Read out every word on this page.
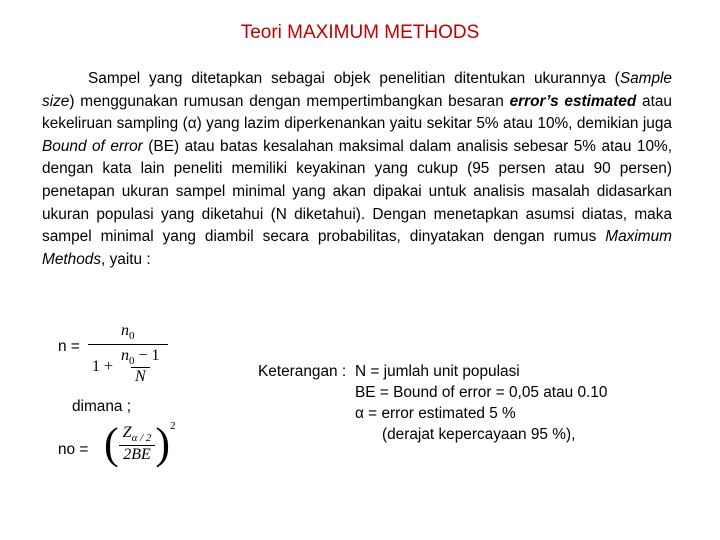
Teori MAXIMUM METHODS
Sampel yang ditetapkan sebagai objek penelitian ditentukan ukurannya (Sample size) menggunakan rumusan dengan mempertimbangkan besaran error’s estimated atau kekeliruan sampling (α) yang lazim diperkenankan yaitu sekitar 5% atau 10%, demikian juga Bound of error (BE) atau batas kesalahan maksimal dalam analisis sebesar 5% atau 10%, dengan kata lain peneliti memiliki keyakinan yang cukup (95 persen atau 90 persen) penetapan ukuran sampel minimal yang akan dipakai untuk analisis masalah didasarkan ukuran populasi yang diketahui (N diketahui). Dengan menetapkan asumsi diatas, maka sampel minimal yang diambil secara probabilitas, dinyatakan dengan rumus Maximum Methods, yaitu :
$n = \frac{n_0}{1 + \frac{n_0 - 1}{N}}$
dimana ;
no = ( $\frac{Z_{\alpha / 2}}{2BE} )^2$
Keterangan : N = jumlah unit populasi
BE = Bound of error = 0,05 atau 0.10
α = error estimated 5 %
(derajat kepercayaan 95 %),
